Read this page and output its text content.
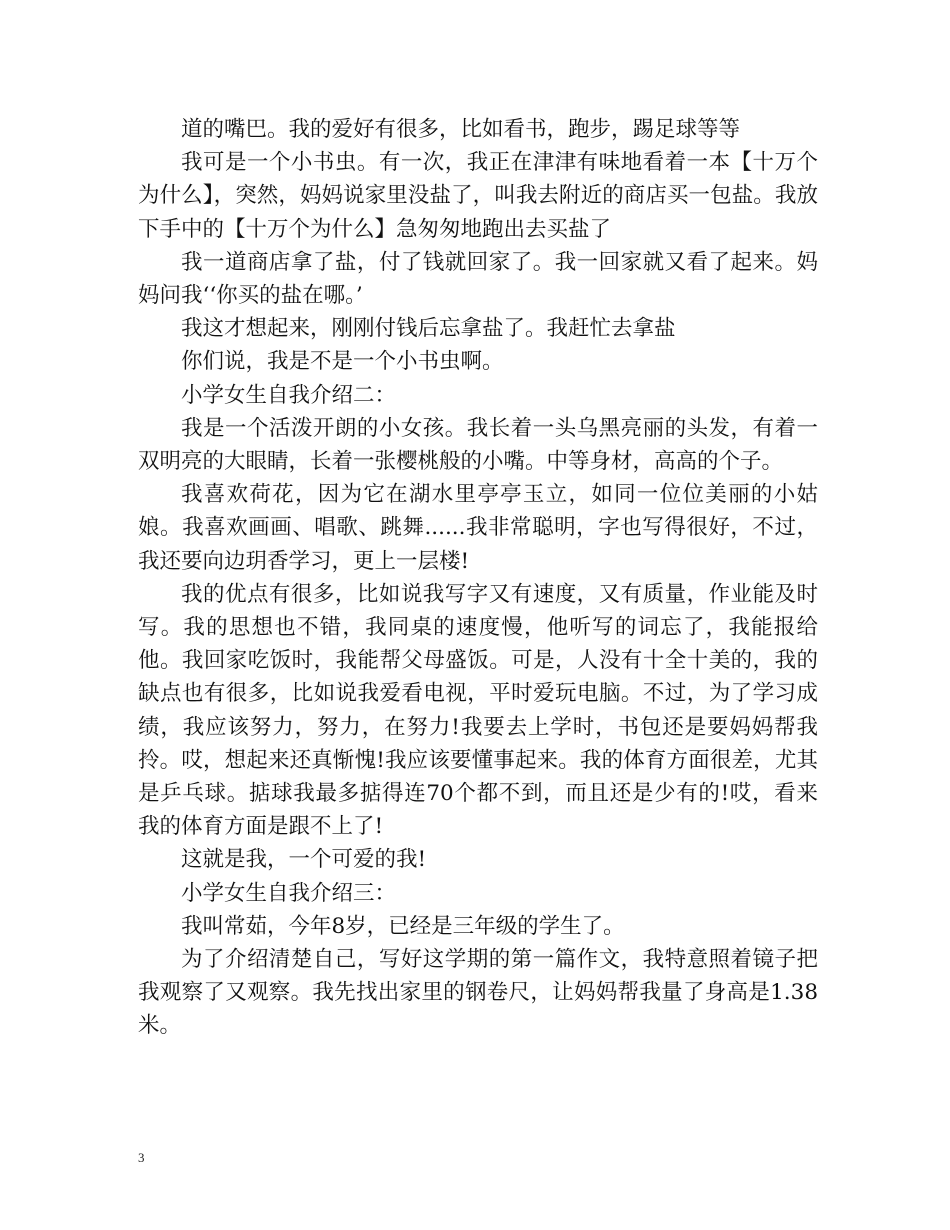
道的嘴巴。我的爱好有很多，比如看书，跑步，踢足球等等

我可是一个小书虫。有一次，我正在津津有味地看着一本【十万个为什么】，突然，妈妈说家里没盐了，叫我去附近的商店买一包盐。我放下手中的【十万个为什么】急匆匆地跑出去买盐了

我一道商店拿了盐，付了钱就回家了。我一回家就又看了起来。妈妈问我‘‘你买的盐在哪。’

我这才想起来，刚刚付钱后忘拿盐了。我赶忙去拿盐

你们说，我是不是一个小书虫啊。

小学女生自我介绍二：

我是一个活泼开朗的小女孩。我长着一头乌黑亮丽的头发，有着一双明亮的大眼睛，长着一张樱桃般的小嘴。中等身材，高高的个子。

我喜欢荷花，因为它在湖水里亭亭玉立，如同一位位美丽的小姑娘。我喜欢画画、唱歌、跳舞......我非常聪明，字也写得很好，不过，我还要向边玥香学习，更上一层楼!

我的优点有很多，比如说我写字又有速度，又有质量，作业能及时写。我的思想也不错，我同桌的速度慢，他听写的词忘了，我能报给他。我回家吃饭时，我能帮父母盛饭。可是，人没有十全十美的，我的缺点也有很多，比如说我爱看电视，平时爱玩电脑。不过，为了学习成绩，我应该努力，努力，在努力!我要去上学时，书包还是要妈妈帮我拎。哎，想起来还真惭愧!我应该要懂事起来。我的体育方面很差，尤其是乒乓球。掂球我最多掂得连70个都不到，而且还是少有的!哎，看来我的体育方面是跟不上了!

这就是我，一个可爱的我!

小学女生自我介绍三：

我叫常茹，今年8岁，已经是三年级的学生了。

为了介绍清楚自己，写好这学期的第一篇作文，我特意照着镜子把我观察了又观察。我先找出家里的钢卷尺，让妈妈帮我量了身高是1.38米。

3
